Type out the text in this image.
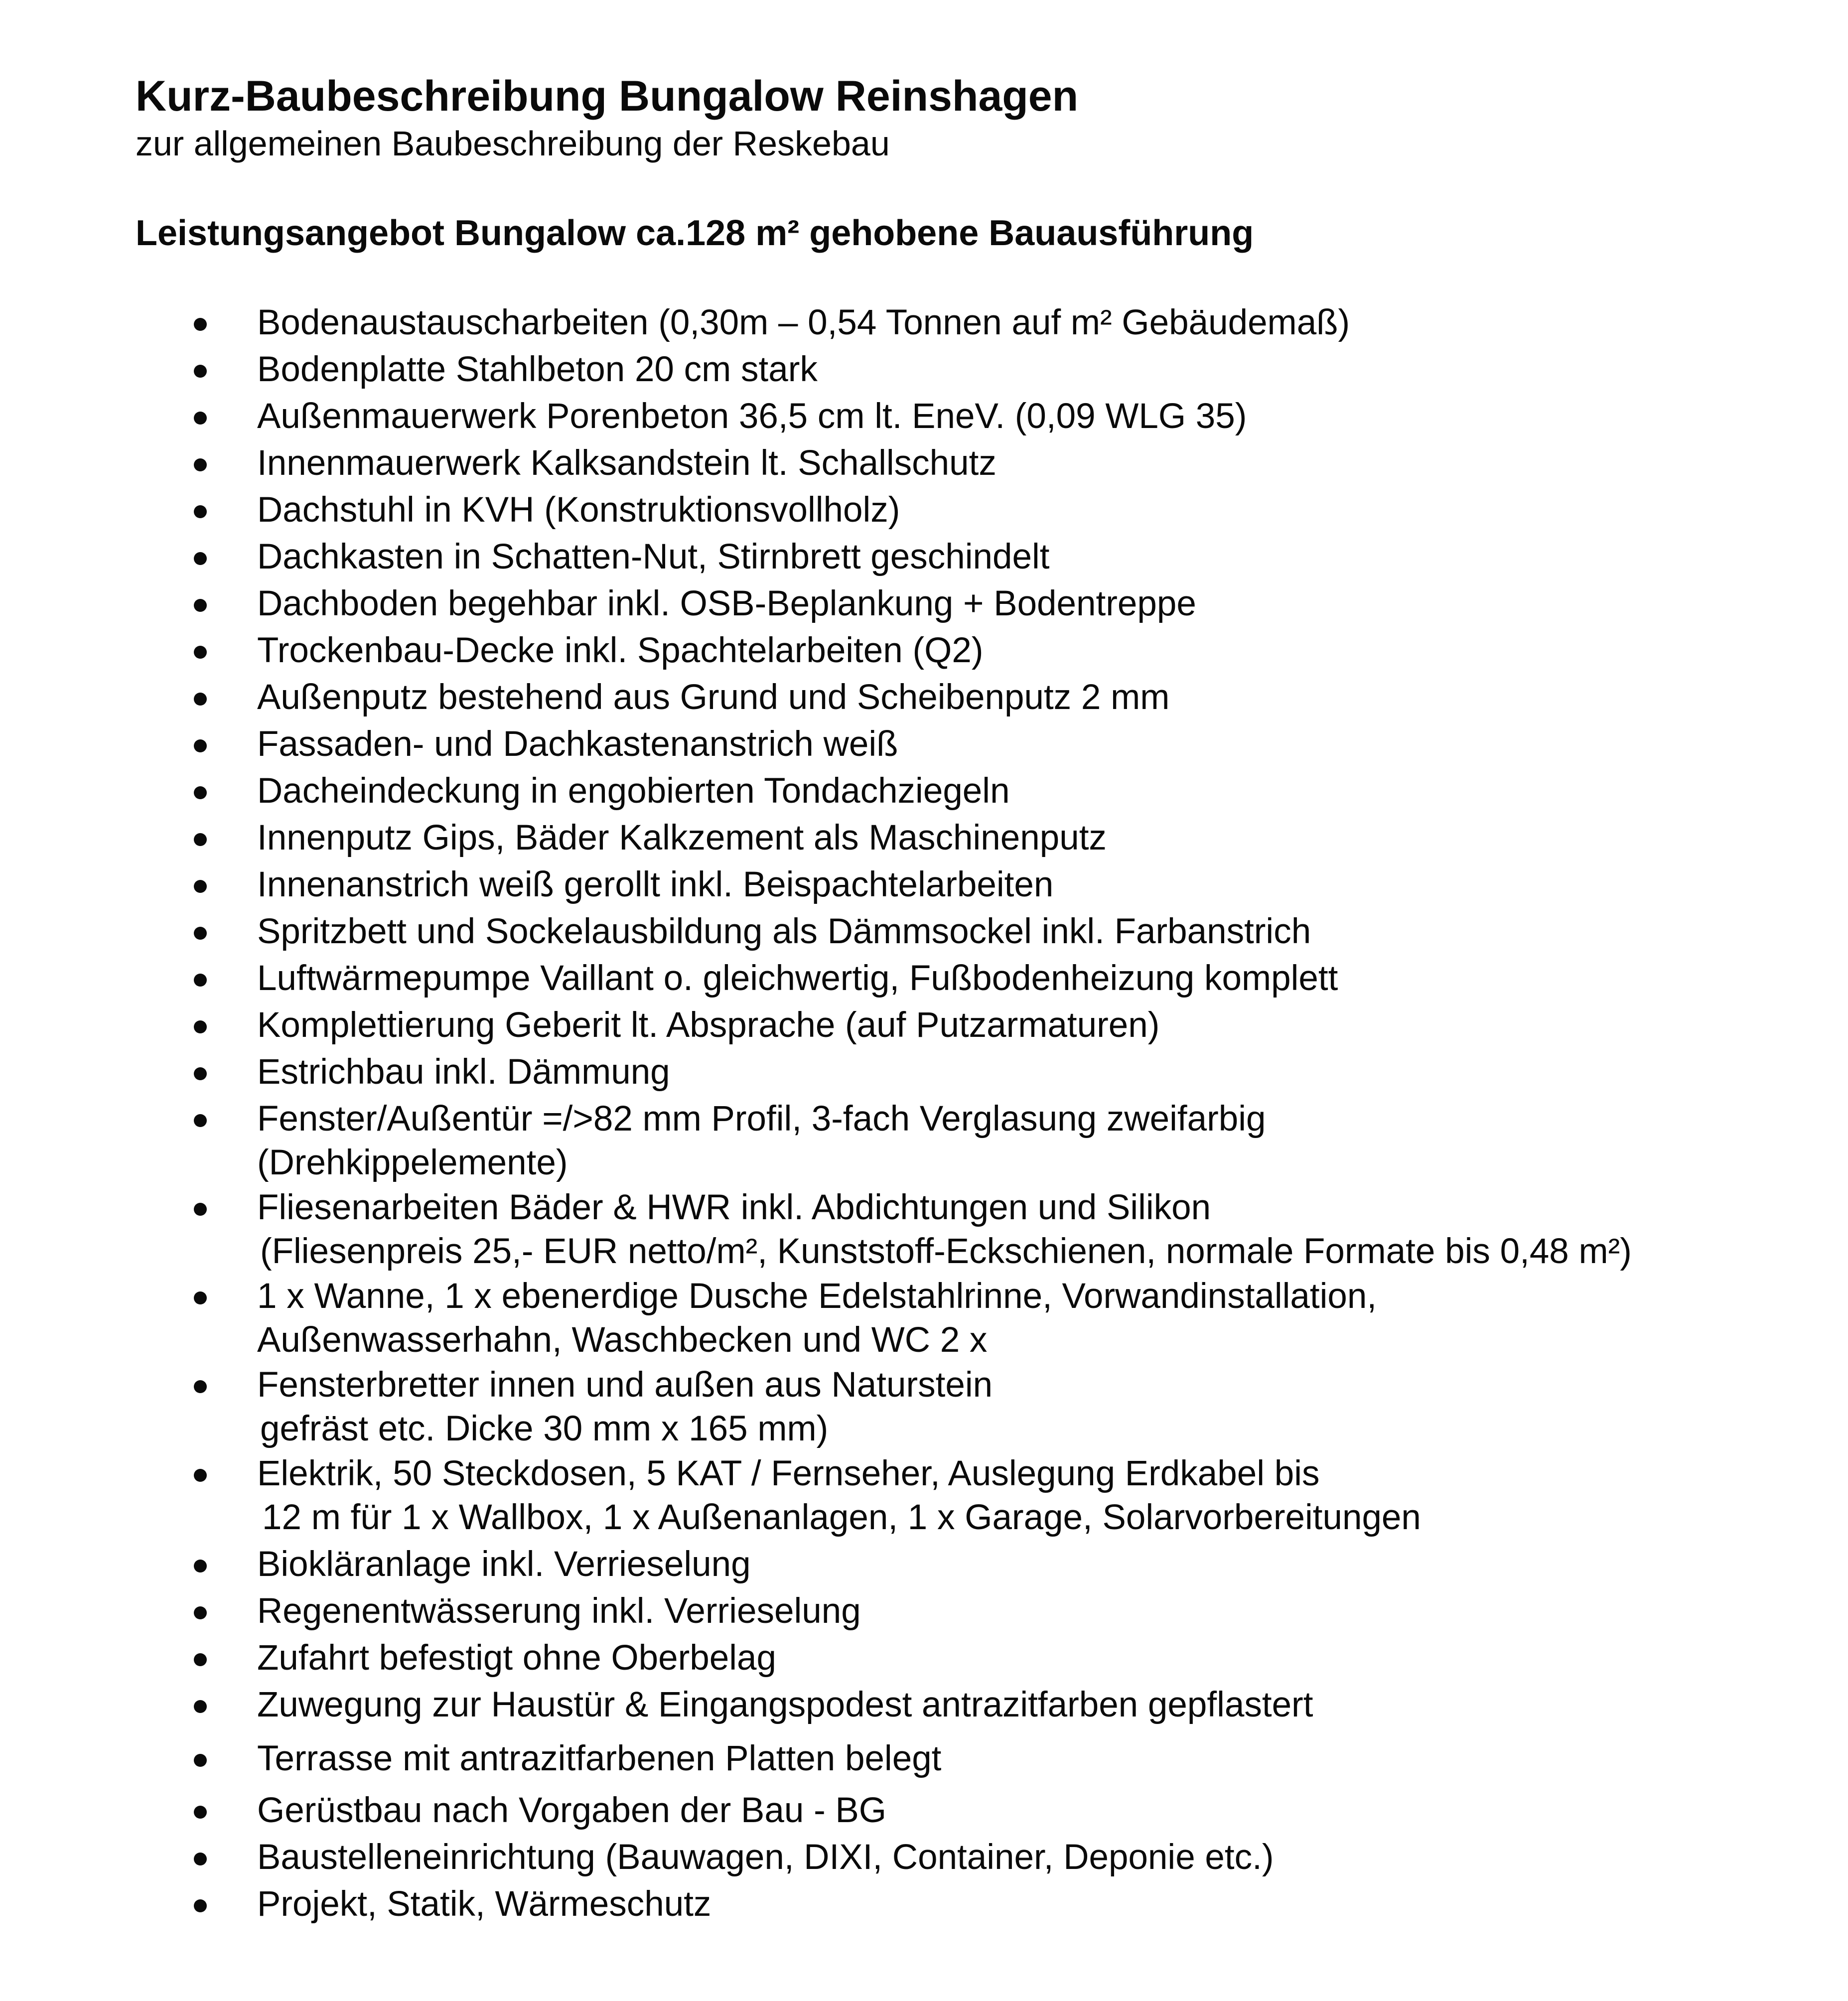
Kurz-Baubeschreibung Bungalow Reinshagen

zur allgemeinen Baubeschreibung der Reskebau

Leistungsangebot Bungalow ca.128 m² gehobene Bauausführung
Bodenaustauscharbeiten (0,30m – 0,54 Tonnen auf m² Gebäudemaß)
Bodenplatte Stahlbeton 20 cm stark
Außenmauerwerk Porenbeton 36,5 cm lt. EneV. (0,09 WLG 35)
Innenmauerwerk Kalksandstein lt. Schallschutz
Dachstuhl in KVH (Konstruktionsvollholz)
Dachkasten in Schatten-Nut, Stirnbrett geschindelt
Dachboden begehbar inkl. OSB-Beplankung + Bodentreppe
Trockenbau-Decke inkl. Spachtelarbeiten (Q2)
Außenputz bestehend aus Grund und Scheibenputz 2 mm
Fassaden- und Dachkastenanstrich weiß
Dacheindeckung in engobierten Tondachziegeln
Innenputz Gips, Bäder Kalkzement als Maschinenputz
Innenanstrich weiß gerollt inkl. Beispachtelarbeiten
Spritzbett und Sockelausbildung als Dämmsockel inkl. Farbanstrich
Luftwärmepumpe Vaillant o. gleichwertig, Fußbodenheizung komplett
Komplettierung Geberit lt. Absprache (auf Putzarmaturen)
Estrichbau inkl. Dämmung
Fenster/Außentür =/>82 mm Profil, 3-fach Verglasung zweifarbig
(Drehkippelemente)
Fliesenarbeiten Bäder & HWR inkl. Abdichtungen und Silikon
(Fliesenpreis 25,- EUR netto/m², Kunststoff-Eckschienen, normale Formate bis 0,48 m²)
1 x Wanne, 1 x ebenerdige Dusche Edelstahlrinne, Vorwandinstallation,
Außenwasserhahn, Waschbecken und WC 2 x
Fensterbretter innen und außen aus Naturstein
gefräst etc. Dicke 30 mm x 165 mm)
Elektrik, 50 Steckdosen, 5 KAT / Fernseher, Auslegung Erdkabel bis
12 m für 1 x Wallbox, 1 x Außenanlagen, 1 x Garage, Solarvorbereitungen
Biokläranlage inkl. Verrieselung
Regenentwässerung inkl. Verrieselung
Zufahrt befestigt ohne Oberbelag
Zuwegung zur Haustür & Eingangspodest antrazitfarben gepflastert
Terrasse mit antrazitfarbenen Platten belegt
Gerüstbau nach Vorgaben der Bau - BG
Baustelleneinrichtung (Bauwagen, DIXI, Container, Deponie etc.)
Projekt, Statik, Wärmeschutz
